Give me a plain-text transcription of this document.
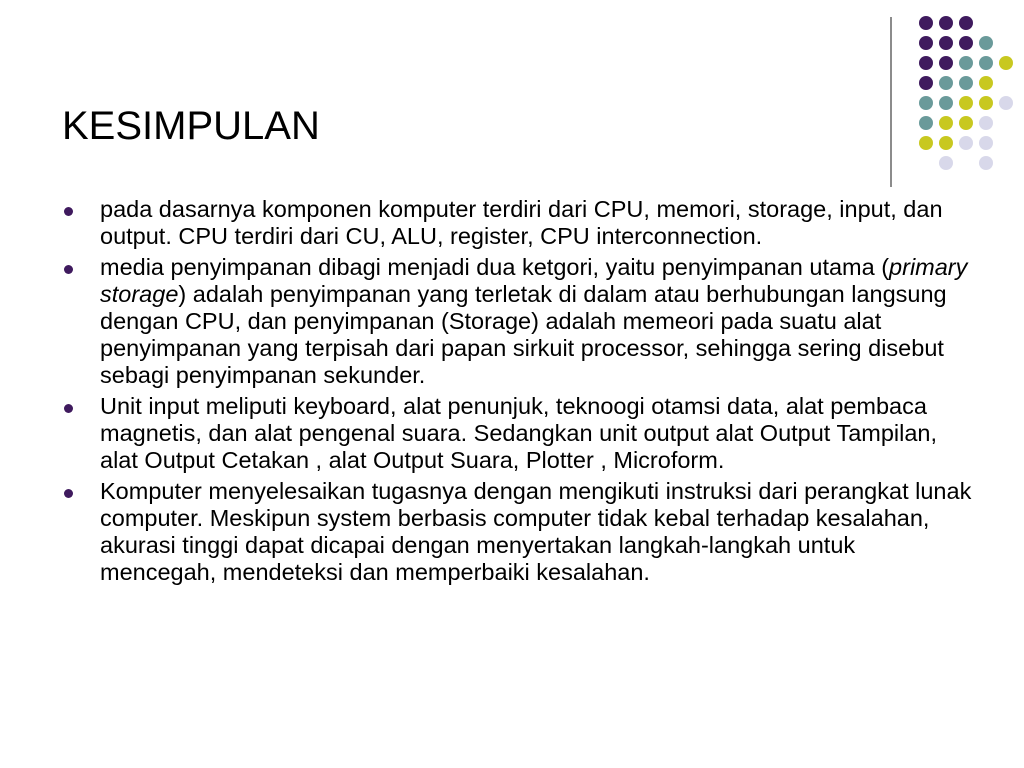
KESIMPULAN
pada dasarnya komponen komputer terdiri dari CPU, memori, storage, input, dan output. CPU terdiri dari CU, ALU, register, CPU interconnection.
media penyimpanan dibagi menjadi dua ketgori, yaitu penyimpanan utama (primary storage) adalah penyimpanan yang terletak di dalam atau berhubungan langsung dengan CPU, dan penyimpanan (Storage) adalah memeori pada suatu alat penyimpanan yang terpisah dari papan sirkuit processor, sehingga sering disebut sebagi penyimpanan sekunder.
Unit input meliputi keyboard, alat penunjuk, teknoogi otamsi data, alat pembaca magnetis, dan alat pengenal suara. Sedangkan unit output alat Output Tampilan, alat Output Cetakan , alat Output Suara, Plotter , Microform.
Komputer menyelesaikan tugasnya dengan mengikuti instruksi dari perangkat lunak computer. Meskipun system berbasis computer tidak kebal terhadap kesalahan, akurasi tinggi dapat dicapai dengan menyertakan langkah-langkah untuk mencegah, mendeteksi dan memperbaiki kesalahan.
